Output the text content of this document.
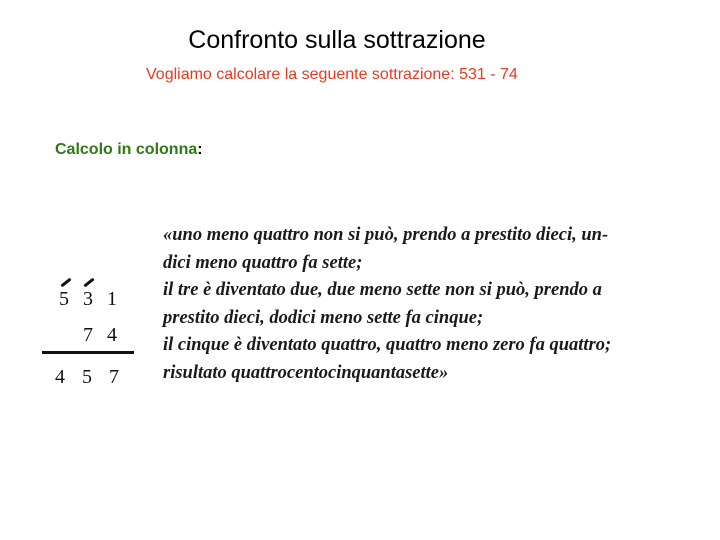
Confronto sulla sottrazione
Vogliamo calcolare la seguente sottrazione: 531 - 74
Calcolo in colonna:
5 3 1
7 4
4 5 7
«uno meno quattro non si può, prendo a prestito dieci, un-
dici meno quattro fa sette;
il tre è diventato due, due meno sette non si può, prendo a
prestito dieci, dodici meno sette fa cinque;
il cinque è diventato quattro, quattro meno zero fa quattro;
risultato quattrocentocinquantasette»
